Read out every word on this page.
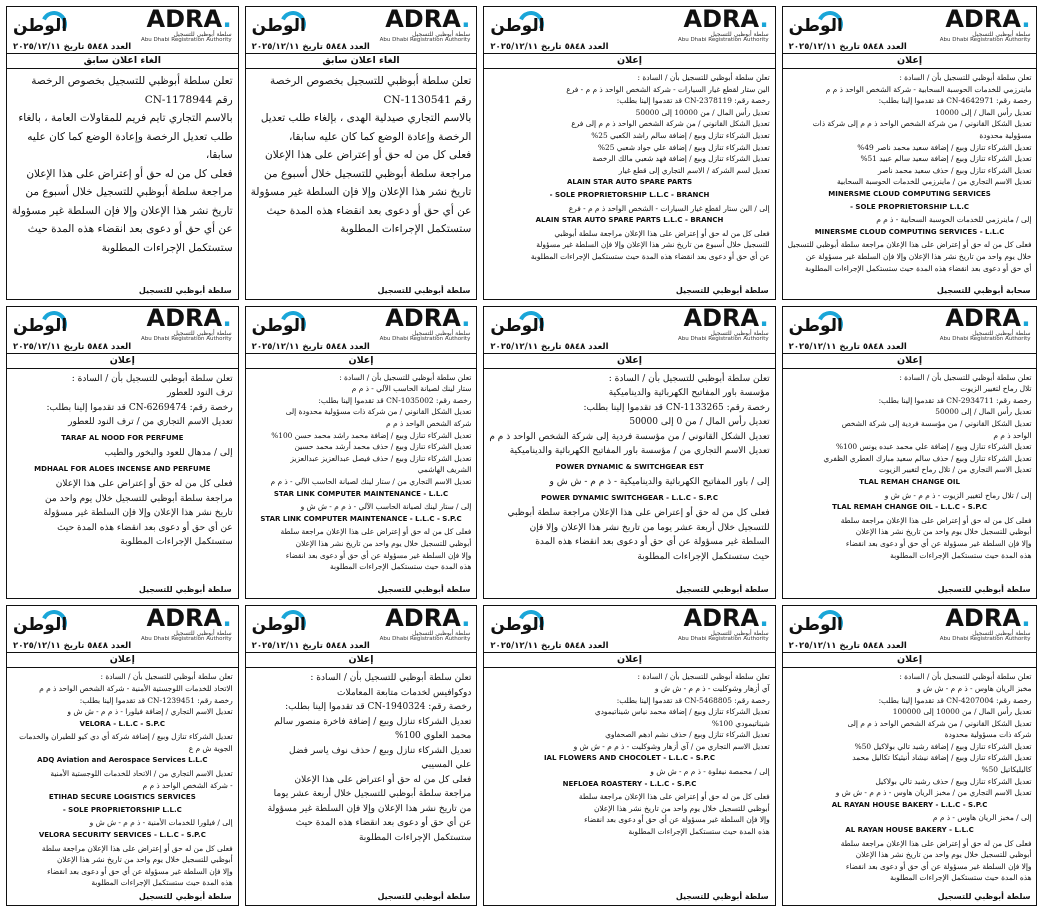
الوطن	ADRA.
سلطة أبوظبي للتسجيل
Abu Dhabi Registration Authority
العدد ٥٨٤٨ تاريخ ٢٠٢٥/١٢/١١
الغاء اعلان سابق
تعلن سلطة أبوظبي للتسجيل بخصوص الرخصة
رقم CN-1178944
بالاسم التجاري تايم فريم للمقاولات العامة ، بالغاء
طلب تعديل الرخصة وإعادة الوضع كما كان عليه
سابقا،
فعلى كل من له حق أو إعتراض على هذا الإعلان
مراجعة سلطة أبوظبي للتسجيل خلال أسبوع من
تاريخ نشر هذا الإعلان وإلا فإن السلطة غير مسؤولة
عن أي حق أو دعوى بعد انقضاء هذه المدة حيث
ستستكمل الإجراءات المطلوبة
سلطة أبوظبي للتسجيل
الوطن	ADRA.
سلطة أبوظبي للتسجيل
Abu Dhabi Registration Authority
العدد ٥٨٤٨ تاريخ ٢٠٢٥/١٢/١١
الغاء اعلان سابق
تعلن سلطة أبوظبي للتسجيل بخصوص الرخصة
رقم CN-1130541
بالاسم التجاري صيدلية الهدى ، بإلغاء طلب تعديل
الرخصة وإعادة الوضع كما كان عليه سابقا،
فعلى كل من له حق أو إعتراض على هذا الإعلان
مراجعة سلطة أبوظبي للتسجيل خلال أسبوع من
تاريخ نشر هذا الإعلان وإلا فإن السلطة غير مسؤولة
عن أي حق أو دعوى بعد انقضاء هذه المدة حيث
ستستكمل الإجراءات المطلوبة
سلطة أبوظبي للتسجيل
الوطن	ADRA.
سلطة أبوظبي للتسجيل
Abu Dhabi Registration Authority
العدد ٥٨٤٨ تاريخ ٢٠٢٥/١٢/١١
إعلان
تعلن سلطة أبوظبي للتسجيل بأن / السادة :
الين ستار لقطع غيار السيارات - شركة الشخص الواحد ذ م م - فرع
رخصة رقم: CN-2378119 قد تقدموا إلينا بطلب:
تعديل رأس المال / من 10000 إلى 50000
تعديل الشكل القانوني / من شركة الشخص الواحد ذ م م إلى فرع
تعديل الشركاء تنازل وبيع / إضافة سالم راشد الكعبي 25%
تعديل الشركاء تنازل وبيع / إضافة علي جواد شعبي 25%
تعديل الشركاء تنازل وبيع / إضافة فهد شعبي مالك الرخصة
تعديل لسم الشركة / الاسم التجاري إلى قطع غيار
ALAIN STAR AUTO SPARE PARTS
- SOLE PROPRIETORSHIP L.L.C - BRANCH
إلى / الين ستار لقطع غيار السيارات - الشخص الواحد ذ م م - فرع
ALAIN STAR AUTO SPARE PARTS L.L.C - BRANCH
فعلى كل من له حق أو إعتراض على هذا الإعلان مراجعة سلطة أبوظبي
للتسجيل خلال أسبوع من تاريخ نشر هذا الإعلان وإلا فإن السلطة غير مسؤولة
عن أي حق أو دعوى بعد انقضاء هذه المدة حيث ستستكمل الإجراءات المطلوبة
سلطة أبوظبي للتسجيل
الوطن	ADRA.
سلطة أبوظبي للتسجيل
Abu Dhabi Registration Authority
العدد ٥٨٤٨ تاريخ ٢٠٢٥/١٢/١١
إعلان
تعلن سلطة أبوظبي للتسجيل بأن / السادة :
ماينرزمي للخدمات الحوسبة السحابية - شركة الشخص الواحد ذ م م
رخصة رقم: CN-4642971 قد تقدموا إلينا بطلب:
تعديل رأس المال / إلى 10000
تعديل الشكل القانوني / من شركة الشخص الواحد ذ م م إلى شركة ذات
مسؤولية محدودة
تعديل الشركاء تنازل وبيع / إضافة سعيد محمد ناصر 49%
تعديل الشركاء تنازل وبيع / إضافة سعيد سالم عبيد 51%
تعديل الشركاء تنازل وبيع / حذف سعيد محمد ناصر
تعديل الاسم التجاري من / ماينرزمي للخدمات الحوسبة السحابية
MINERSME CLOUD COMPUTING SERVICES
- SOLE PROPRIETORSHIP L.L.C
إلى / ماينرزمي للخدمات الحوسبة السحابية - ذ م م
MINERSME CLOUD COMPUTING SERVICES - L.L.C
فعلى كل من له حق أو إعتراض على هذا الإعلان مراجعة سلطة أبوظبي للتسجيل
خلال يوم واحد من تاريخ نشر هذا الإعلان وإلا فإن السلطة غير مسؤولة عن
أي حق أو دعوى بعد انقضاء هذه المدة حيث ستستكمل الإجراءات المطلوبة
سحابة أبوظبي للتسجيل
الوطن	ADRA.
سلطة أبوظبي للتسجيل
Abu Dhabi Registration Authority
العدد ٥٨٤٨ تاريخ ٢٠٢٥/١٢/١١
إعلان
تعلن سلطة أبوظبي للتسجيل بأن / السادة :
ترف النود للعطور
رخصة رقم: CN-6269474 قد تقدموا إلينا بطلب:
تعديل الاسم التجاري من / ترف النود للعطور
TARAF AL NOOD FOR PERFUME
إلى / مدهال للعود والبخور والطيب
MDHAAL FOR ALOES INCENSE AND PERFUME
فعلى كل من له حق أو إعتراض على هذا الإعلان
مراجعة سلطة أبوظبي للتسجيل خلال يوم واحد من
تاريخ نشر هذا الإعلان وإلا فإن السلطة غير مسؤولة
عن أي حق أو دعوى بعد انقضاء هذه المدة حيث
ستستكمل الإجراءات المطلوبة
سلطة أبوظبي للتسجيل
الوطن	ADRA.
سلطة أبوظبي للتسجيل
Abu Dhabi Registration Authority
العدد ٥٨٤٨ تاريخ ٢٠٢٥/١٢/١١
إعلان
تعلن سلطة أبوظبي للتسجيل بأن / السادة :
ستار لينك لصيانة الحاسب الآلي - ذ م م
رخصة رقم: CN-1035002 قد تقدموا إلينا بطلب:
تعديل الشكل القانوني / من شركة ذات مسؤولية محدودة إلى
شركة الشخص الواحد ذ م م
تعديل الشركاء تنازل وبيع / إضافة محمد راشد محمد حسن 100%
تعديل الشركاء تنازل وبيع / حذف محمد أرشد محمد حسين
تعديل الشركاء تنازل وبيع / حذف فيصل عبدالعزيز عبدالعزيز
الشريف الهاشمي
تعديل الاسم التجاري من / ستار لينك لصيانة الحاسب الآلي - ذ م م
STAR LINK COMPUTER MAINTENANCE - L.L.C
إلى / ستار لينك لصيانة الحاسب الآلي - ذ م م - ش ش و
STAR LINK COMPUTER MAINTENANCE - L.L.C - S.P.C
فعلى كل من له حق أو إعتراض على هذا الإعلان مراجعة سلطة
أبوظبي للتسجيل خلال يوم واحد من تاريخ نشر هذا الإعلان
وإلا فإن السلطة غير مسؤولة عن أي حق أو دعوى بعد انقضاء
هذه المدة حيث ستستكمل الإجراءات المطلوبة
سلطة أبوظبي للتسجيل
الوطن	ADRA.
سلطة أبوظبي للتسجيل
Abu Dhabi Registration Authority
العدد ٥٨٤٨ تاريخ ٢٠٢٥/١٢/١١
إعلان
تعلن سلطة أبوظبي للتسجيل بأن / السادة :
مؤسسة باور المفاتيح الكهربائية والديناميكية
رخصة رقم: CN-1133265 قد تقدموا إلينا بطلب:
تعديل رأس المال / من 0 إلى 50000
تعديل الشكل القانوني / من مؤسسة فردية إلى شركة الشخص الواحد ذ م م
تعديل الاسم التجاري من / مؤسسة باور المفاتيح الكهربائية والديناميكية
POWER DYNAMIC & SWITCHGEAR EST
إلى / باور المفاتيح الكهربائية والديناميكية - ذ م م - ش ش و
POWER DYNAMIC SWITCHGEAR - L.L.C - S.P.C
فعلى كل من له حق أو إعتراض على هذا الإعلان مراجعة سلطة أبوظبي
للتسجيل خلال أربعة عشر يوما من تاريخ نشر هذا الإعلان وإلا فإن
السلطة غير مسؤولة عن أي حق أو دعوى بعد انقضاء هذه المدة
حيث ستستكمل الإجراءات المطلوبة
سلطة أبوظبي للتسجيل
الوطن	ADRA.
سلطة أبوظبي للتسجيل
Abu Dhabi Registration Authority
العدد ٥٨٤٨ تاريخ ٢٠٢٥/١٢/١١
إعلان
تعلن سلطة أبوظبي للتسجيل بأن / السادة :
تلال رماح لتغيير الزيوت
رخصة رقم: CN-2934711 قد تقدموا إلينا بطلب:
تعديل رأس المال / إلى 50000
تعديل الشكل القانوني / من مؤسسة فردية إلى شركة الشخص
الواحد ذ م م
تعديل الشركاء تنازل وبيع / إضافة علي محمد عبده يونس 100%
تعديل الشركاء تنازل وبيع / حذف سالم سعيد مبارك العطري الظفري
تعديل الاسم التجاري من / تلال رماح لتغيير الزيوت
TLAL REMAH CHANGE OIL
إلى / تلال رماح لتغيير الزيوت - ذ م م - ش ش و
TLAL REMAH CHANGE OIL - L.L.C - S.P.C
فعلى كل من له حق أو إعتراض على هذا الإعلان مراجعة سلطة
أبوظبي للتسجيل خلال يوم واحد من تاريخ نشر هذا الإعلان
وإلا فإن السلطة غير مسؤولة عن أي حق أو دعوى بعد انقضاء
هذه المدة حيث ستستكمل الإجراءات المطلوبة
سلطة أبوظبي للتسجيل
الوطن	ADRA.
سلطة أبوظبي للتسجيل
Abu Dhabi Registration Authority
العدد ٥٨٤٨ تاريخ ٢٠٢٥/١٢/١١
إعلان
تعلن سلطة أبوظبي للتسجيل بأن / السادة :
الاتحاد للخدمات اللوجستية الأمنية - شركة الشخص الواحد ذ م م
رخصة رقم: CN-1239451 قد تقدموا إلينا بطلب:
تعديل الاسم التجاري / إضافة فيلورا - ذ م م - ش ش و
VELORA - L.L.C - S.P.C
تعديل الشركاء تنازل وبيع / إضافة شركة أي دي كيو للطيران والخدمات
الجوية ش م ع
ADQ Aviation and Aerospace Services L.L.C
تعديل الاسم التجاري من / الاتحاد للخدمات اللوجستية الأمنية
- شركة الشخص الواحد ذ م م
ETIHAD SECURE LOGISTICS SERVICES
- SOLE PROPRIETORSHIP L.L.C
إلى / فيلورا للخدمات الأمنية - ذ م م - ش ش و
VELORA SECURITY SERVICES - L.L.C - S.P.C
فعلى كل من له حق أو إعتراض على هذا الإعلان مراجعة سلطة
أبوظبي للتسجيل خلال يوم واحد من تاريخ نشر هذا الإعلان
وإلا فإن السلطة غير مسؤولة عن أي حق أو دعوى بعد انقضاء
هذه المدة حيث ستستكمل الإجراءات المطلوبة
سلطة أبوظبي للتسجيل
الوطن	ADRA.
سلطة أبوظبي للتسجيل
Abu Dhabi Registration Authority
العدد ٥٨٤٨ تاريخ ٢٠٢٥/١٢/١١
إعلان
تعلن سلطة أبوظبي للتسجيل بأن / السادة :
دوكوافيس لخدمات متابعة المعاملات
رخصة رقم: CN-1940324 قد تقدموا إلينا بطلب:
تعديل الشركاء تنازل وبيع / إضافة فاخرة منصور سالم
محمد العلوي 100%
تعديل الشركاء تنازل وبيع / حذف نوف ياسر فضل
علي المسيبي
فعلى كل من له حق أو اعتراض على هذا الإعلان
مراجعة سلطة أبوظبي للتسجيل خلال أربعة عشر يوما
من تاريخ نشر هذا الإعلان وإلا فإن السلطة غير مسؤولة
عن أي حق أو دعوى بعد انقضاء هذه المدة حيث
ستستكمل الإجراءات المطلوبة
سلطة أبوظبي للتسجيل
الوطن	ADRA.
سلطة أبوظبي للتسجيل
Abu Dhabi Registration Authority
العدد ٥٨٤٨ تاريخ ٢٠٢٥/١٢/١١
إعلان
تعلن سلطة أبوظبي للتسجيل بأن / السادة :
آي أزهار وشوكليت - ذ م م - ش ش و
رخصة رقم: CN-5468805 قد تقدموا إلينا بطلب:
تعديل الشركاء تنازل وبيع / إضافة محمد نياس شيناتيمودي
شيناتيمودي 100%
تعديل الشركاء تنازل وبيع / حذف نشم ادهم الصحفاوي
تعديل الاسم التجاري من / آي أزهار وشوكليت - ذ م م - ش ش و
IAL FLOWERS AND CHOCOLET - L.L.C - S.P.C
إلى / محمصة نيفلوة - ذ م م - ش ش و
NEFLOEA ROASTERY - L.L.C - S.P.C
فعلى كل من له حق أو إعتراض على هذا الإعلان مراجعة سلطة
أبوظبي للتسجيل خلال يوم واحد من تاريخ نشر هذا الإعلان
وإلا فإن السلطة غير مسؤولة عن أي حق أو دعوى بعد انقضاء
هذه المدة حيث ستستكمل الإجراءات المطلوبة
سلطة أبوظبي للتسجيل
الوطن	ADRA.
سلطة أبوظبي للتسجيل
Abu Dhabi Registration Authority
العدد ٥٨٤٨ تاريخ ٢٠٢٥/١٢/١١
إعلان
تعلن سلطة أبوظبي للتسجيل بأن / السادة :
مخبز الريان هاوس - ذ م م - ش ش و
رخصة رقم: CN-4207004 قد تقدموا إلينا بطلب:
تعديل رأس المال / من 10000 إلى 100000
تعديل الشكل القانوني / من شركة الشخص الواحد ذ م م إلى
شركة ذات مسؤولية محدودة
تعديل الشركاء تنازل وبيع / إضافة رشيد تالي بولاكيل 50%
تعديل الشركاء تنازل وبيع / إضافة نيشاد أنيثيكا تكاليل محمد
كاليليكاتيل 50%
تعديل الشركاء تنازل وبيع / حذف رشيد تالي بولاكيل
تعديل الاسم التجاري من / مخبز الريان هاوس - ذ م م - ش ش و
AL RAYAN HOUSE BAKERY - L.L.C - S.P.C
إلى / مخبز الريان هاوس - ذ م م
AL RAYAN HOUSE BAKERY - L.L.C
فعلى كل من له حق أو إعتراض على هذا الإعلان مراجعة سلطة
أبوظبي للتسجيل خلال يوم واحد من تاريخ نشر هذا الإعلان
وإلا فإن السلطة غير مسؤولة عن أي حق أو دعوى بعد انقضاء
هذه المدة حيث ستستكمل الإجراءات المطلوبة
سلطة أبوظبي للتسجيل
